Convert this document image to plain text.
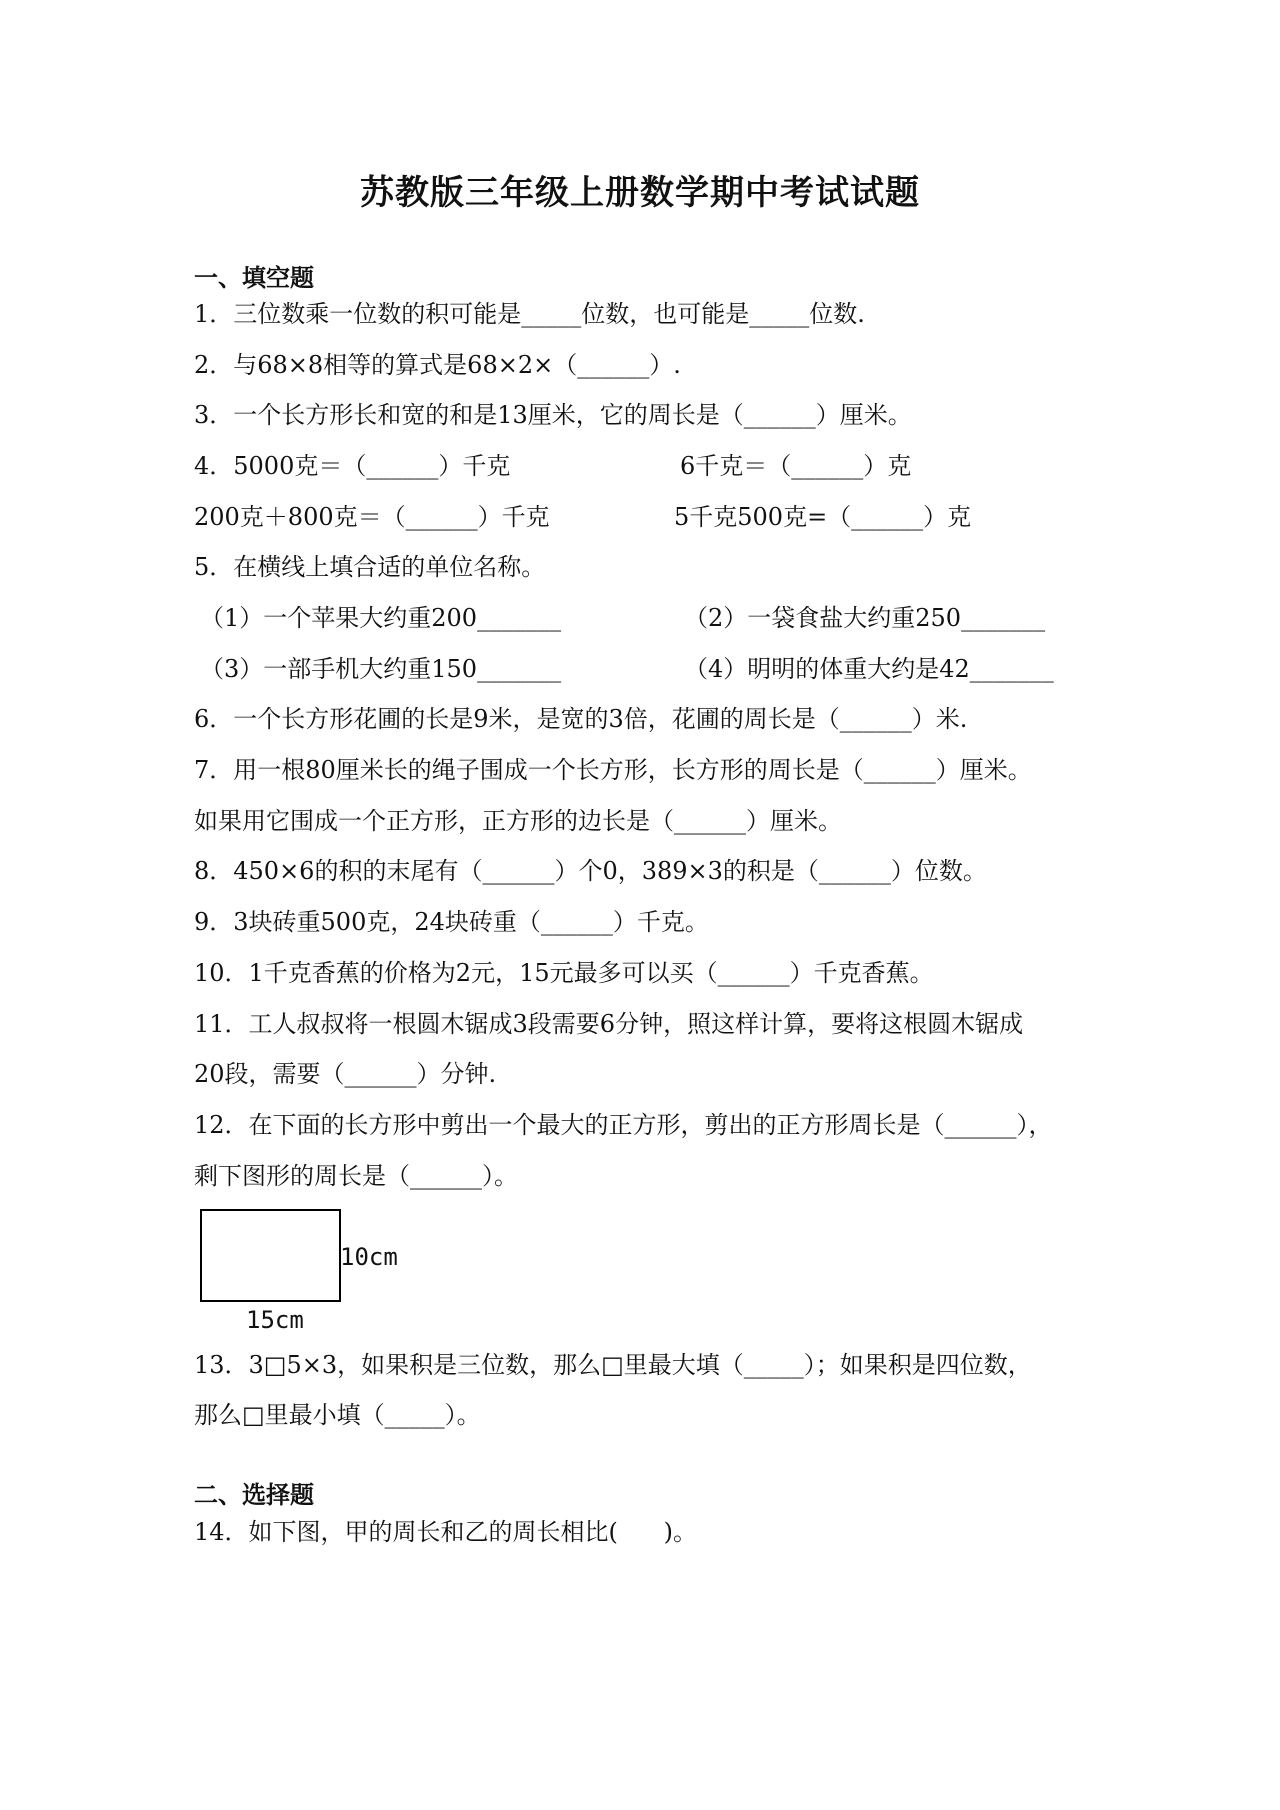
苏教版三年级上册数学期中考试试题
一、填空题
1．三位数乘一位数的积可能是_____位数，也可能是_____位数.
2．与68×8相等的算式是68×2×（______）.
3．一个长方形长和宽的和是13厘米，它的周长是（______）厘米。
4．5000克＝（______）千克	6千克＝（______）克
200克＋800克＝（______）千克	5千克500克=（______）克
5．在横线上填合适的单位名称。
（1）一个苹果大约重200_______	（2）一袋食盐大约重250_______
（3）一部手机大约重150_______	（4）明明的体重大约是42_______
6．一个长方形花圃的长是9米，是宽的3倍，花圃的周长是（______）米.
7．用一根80厘米长的绳子围成一个长方形，长方形的周长是（______）厘米。
如果用它围成一个正方形，正方形的边长是（______）厘米。
8．450×6的积的末尾有（______）个0，389×3的积是（______）位数。
9．3块砖重500克，24块砖重（______）千克。
10．1千克香蕉的价格为2元，15元最多可以买（______）千克香蕉。
11．工人叔叔将一根圆木锯成3段需要6分钟，照这样计算，要将这根圆木锯成
20段，需要（______）分钟.
12．在下面的长方形中剪出一个最大的正方形，剪出的正方形周长是（______），
剩下图形的周长是（______）。
10cm
15cm
13．3□5×3，如果积是三位数，那么□里最大填（_____）；如果积是四位数，
那么□里最小填（_____）。
二、选择题
14．如下图，甲的周长和乙的周长相比(      )。
